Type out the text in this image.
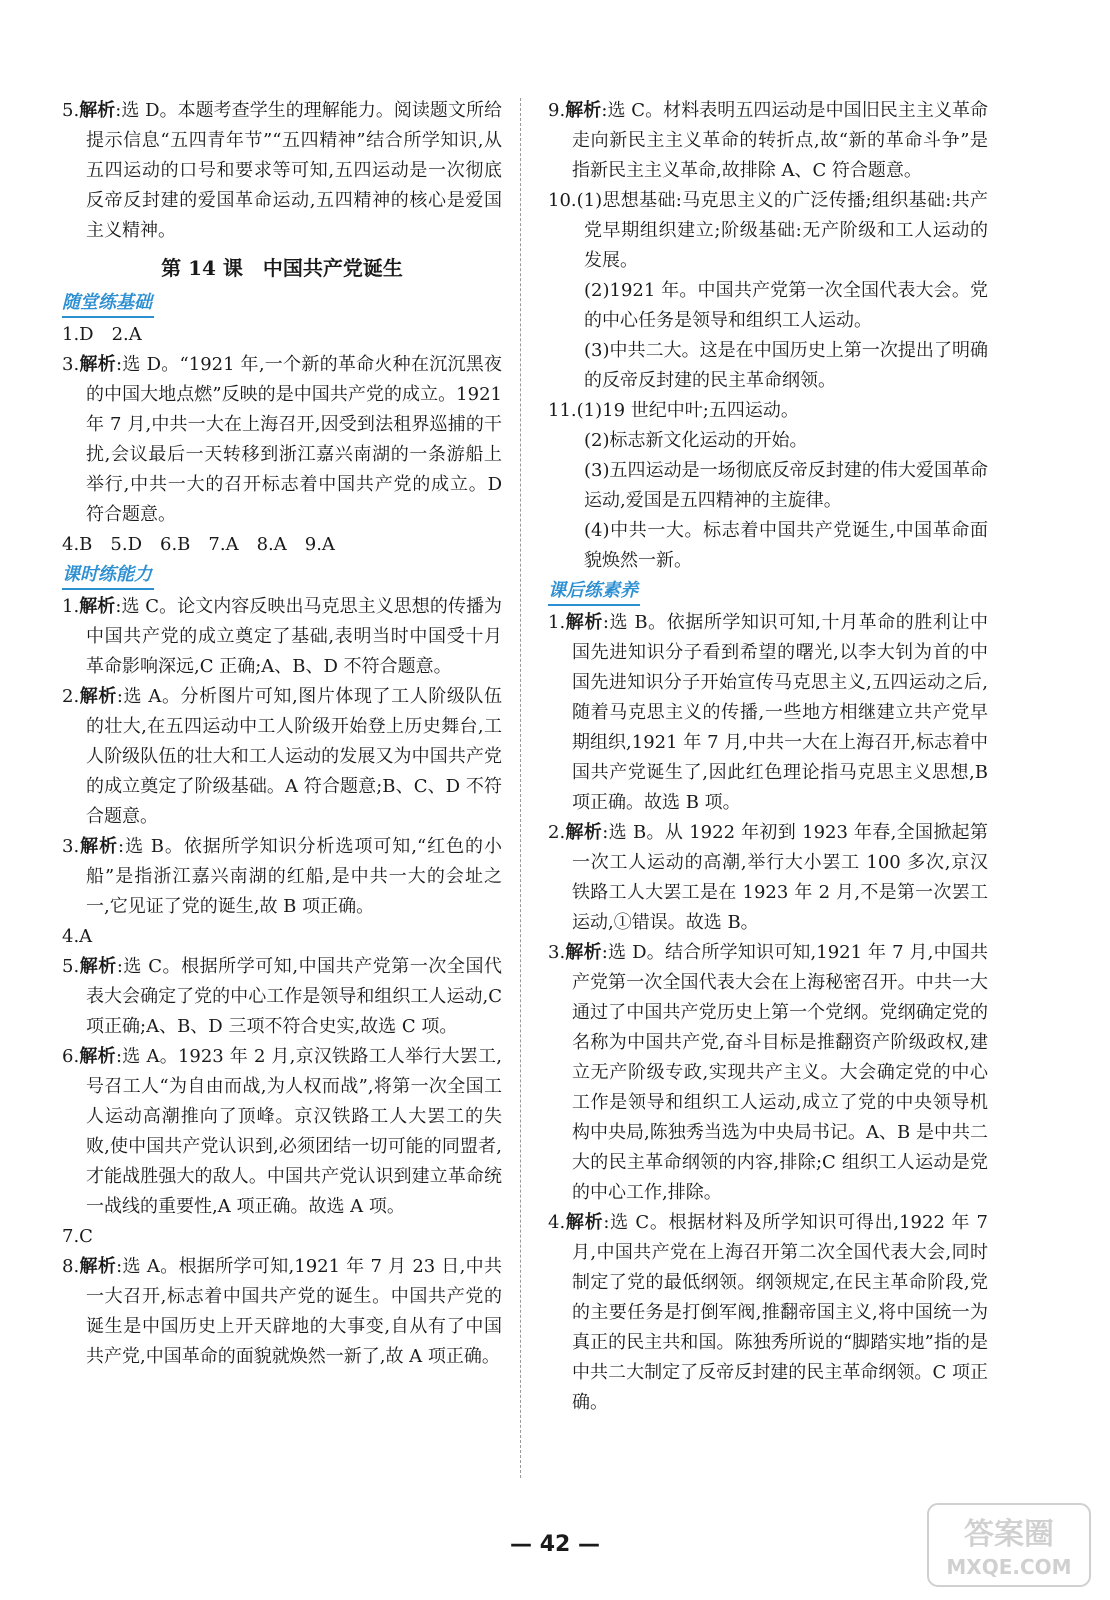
5.解析:选 D。本题考查学生的理解能力。阅读题文所给提示信息“五四青年节”“五四精神”结合所学知识,从五四运动的口号和要求等可知,五四运动是一次彻底反帝反封建的爱国革命运动,五四精神的核心是爱国主义精神。

第 14 课　中国共产党诞生
随堂练基础

1.D　2.A

3.解析:选 D。“1921 年,一个新的革命火种在沉沉黑夜的中国大地点燃”反映的是中国共产党的成立。1921 年 7 月,中共一大在上海召开,因受到法租界巡捕的干扰,会议最后一天转移到浙江嘉兴南湖的一条游船上举行,中共一大的召开标志着中国共产党的成立。D 符合题意。

4.B　5.D　6.B　7.A　8.A　9.A

课时练能力

1.解析:选 C。论文内容反映出马克思主义思想的传播为中国共产党的成立奠定了基础,表明当时中国受十月革命影响深远,C 正确;A、B、D 不符合题意。

2.解析:选 A。分析图片可知,图片体现了工人阶级队伍的壮大,在五四运动中工人阶级开始登上历史舞台,工人阶级队伍的壮大和工人运动的发展又为中国共产党的成立奠定了阶级基础。A 符合题意;B、C、D 不符合题意。

3.解析:选 B。依据所学知识分析选项可知,“红色的小船”是指浙江嘉兴南湖的红船,是中共一大的会址之一,它见证了党的诞生,故 B 项正确。

4.A

5.解析:选 C。根据所学可知,中国共产党第一次全国代表大会确定了党的中心工作是领导和组织工人运动,C 项正确;A、B、D 三项不符合史实,故选 C 项。

6.解析:选 A。1923 年 2 月,京汉铁路工人举行大罢工,号召工人“为自由而战,为人权而战”,将第一次全国工人运动高潮推向了顶峰。京汉铁路工人大罢工的失败,使中国共产党认识到,必须团结一切可能的同盟者,才能战胜强大的敌人。中国共产党认识到建立革命统一战线的重要性,A 项正确。故选 A 项。

7.C

8.解析:选 A。根据所学可知,1921 年 7 月 23 日,中共一大召开,标志着中国共产党的诞生。中国共产党的诞生是中国历史上开天辟地的大事变,自从有了中国共产党,中国革命的面貌就焕然一新了,故 A 项正确。

9.解析:选 C。材料表明五四运动是中国旧民主主义革命走向新民主主义革命的转折点,故“新的革命斗争”是指新民主主义革命,故排除 A、C 符合题意。

10.(1)思想基础:马克思主义的广泛传播;组织基础:共产党早期组织建立;阶级基础:无产阶级和工人运动的发展。

(2)1921 年。中国共产党第一次全国代表大会。党的中心任务是领导和组织工人运动。

(3)中共二大。这是在中国历史上第一次提出了明确的反帝反封建的民主革命纲领。

11.(1)19 世纪中叶;五四运动。

(2)标志新文化运动的开始。

(3)五四运动是一场彻底反帝反封建的伟大爱国革命运动,爱国是五四精神的主旋律。

(4)中共一大。标志着中国共产党诞生,中国革命面貌焕然一新。

课后练素养

1.解析:选 B。依据所学知识可知,十月革命的胜利让中国先进知识分子看到希望的曙光,以李大钊为首的中国先进知识分子开始宣传马克思主义,五四运动之后,随着马克思主义的传播,一些地方相继建立共产党早期组织,1921 年 7 月,中共一大在上海召开,标志着中国共产党诞生了,因此红色理论指马克思主义思想,B 项正确。故选 B 项。

2.解析:选 B。从 1922 年初到 1923 年春,全国掀起第一次工人运动的高潮,举行大小罢工 100 多次,京汉铁路工人大罢工是在 1923 年 2 月,不是第一次罢工运动,①错误。故选 B。

3.解析:选 D。结合所学知识可知,1921 年 7 月,中国共产党第一次全国代表大会在上海秘密召开。中共一大通过了中国共产党历史上第一个党纲。党纲确定党的名称为中国共产党,奋斗目标是推翻资产阶级政权,建立无产阶级专政,实现共产主义。大会确定党的中心工作是领导和组织工人运动,成立了党的中央领导机构中央局,陈独秀当选为中央局书记。A、B 是中共二大的民主革命纲领的内容,排除;C 组织工人运动是党的中心工作,排除。

4.解析:选 C。根据材料及所学知识可得出,1922 年 7 月,中国共产党在上海召开第二次全国代表大会,同时制定了党的最低纲领。纲领规定,在民主革命阶段,党的主要任务是打倒军阀,推翻帝国主义,将中国统一为真正的民主共和国。陈独秀所说的“脚踏实地”指的是中共二大制定了反帝反封建的民主革命纲领。C 项正确。

— 42 —	答案圈
MXQE.COM
